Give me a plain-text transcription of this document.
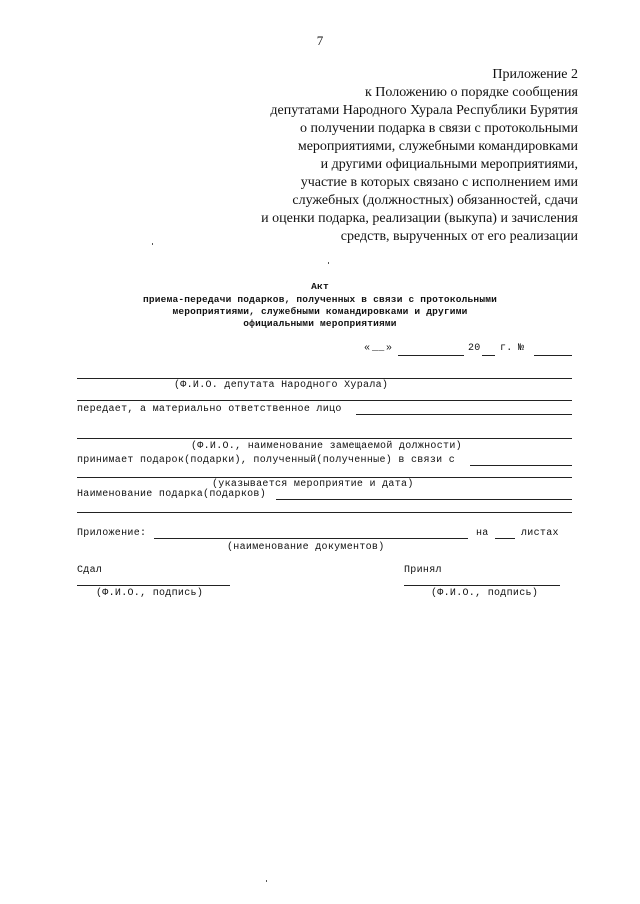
7
Приложение 2
к Положению о порядке сообщения
депутатами Народного Хурала Республики Бурятия
о получении подарка в связи с протокольными
мероприятиями, служебными командировками
и другими официальными мероприятиями,
участие в которых связано с исполнением ими
служебных (должностных) обязанностей, сдачи
и оценки подарка, реализации (выкупа) и зачисления
средств, вырученных от его реализации
Акт
приема-передачи подарков, полученных в связи с протокольными
мероприятиями, служебными командировками и другими
официальными мероприятиями
« __ »	20 г. №
(Ф.И.О. депутата Народного Хурала)
передает, а материально ответственное лицо
(Ф.И.О., наименование замещаемой должности)
принимает подарок(подарки), полученный(полученные) в связи с
(указывается мероприятие и дата)
Наименование подарка(подарков)
Приложение:	на	листах
(наименование документов)
Сдал	Принял
(Ф.И.О., подпись)	(Ф.И.О., подпись)
